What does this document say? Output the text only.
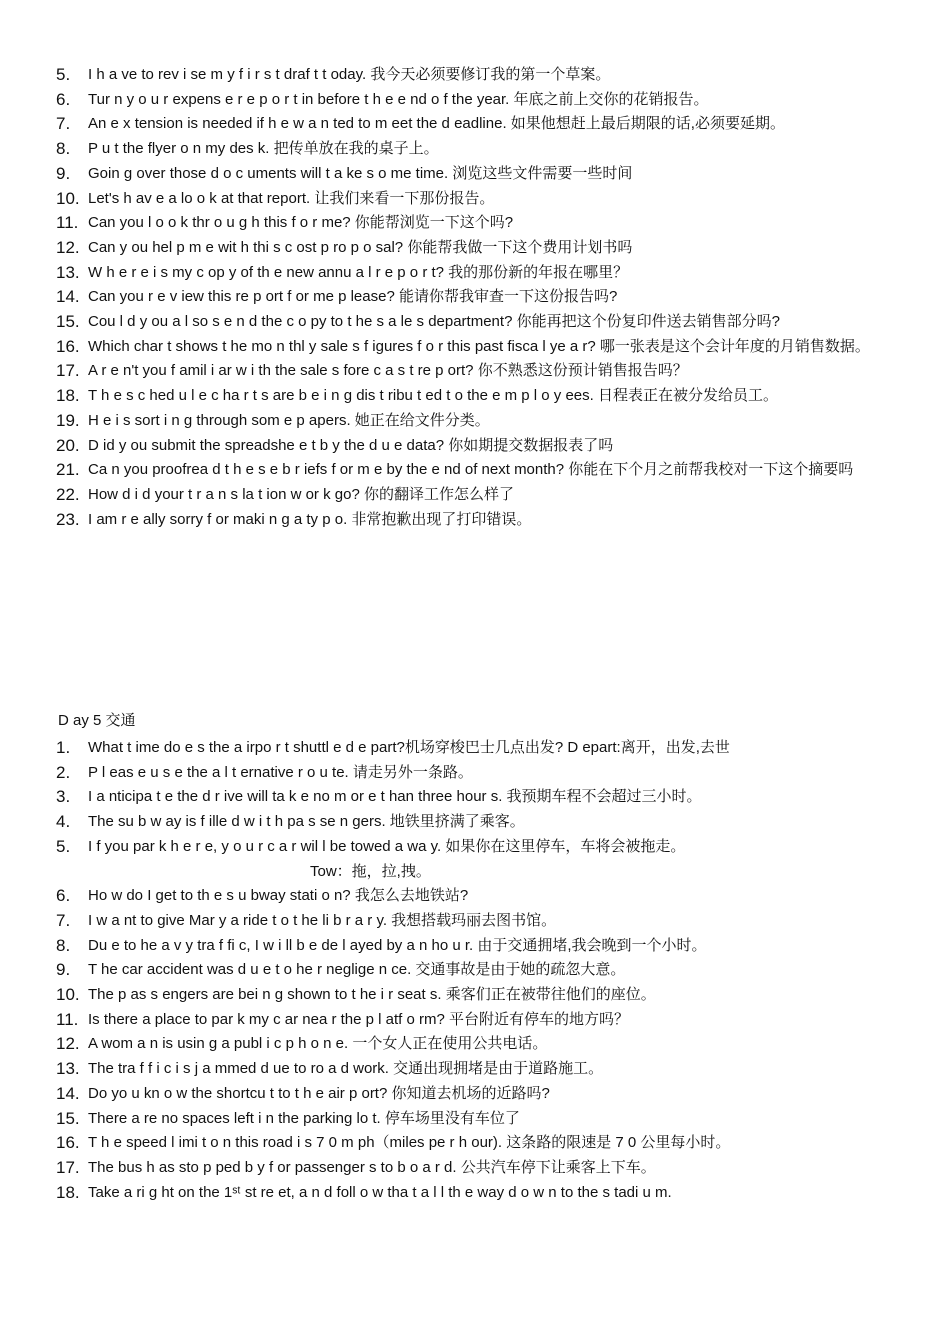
5. I h a ve to rev i se m y f i r s t draf t t oday. 我今天必须要修订我的第一个草案。
6. Tur n y o u r expens e r e p o r t in before t h e e nd o f the year. 年底之前上交你的花销报告。
7. An e x tension is needed if h e w a n ted to m eet the d eadline. 如果他想赶上最后期限的话,必须要延期。
8. P u t the flyer o n my des k. 把传单放在我的桌子上。
9. Goin g over those d o c uments will t a ke s o me time. 浏览这些文件需要一些时间
10. Let's h av e a lo o k at that report. 让我们来看一下那份报告。
11. Can you l o o k thr o u g h this f o r me? 你能帮浏览一下这个吗?
12. Can y ou hel p m e wit h thi s c ost p ro p o sal? 你能帮我做一下这个费用计划书吗
13. W h e r e i s my c op y of th e new annu a l r e p o r t? 我的那份新的年报在哪里？
14. Can you r e v iew this re p ort f or me p lease? 能请你帮我审查一下这份报告吗?
15. Cou l d y ou a l so s e n d the c o py to t he s a le s department? 你能再把这个份复印件送去销售部分吗?
16. Which char t shows t he mo n thl y sale s f igures f o r this past fisca l ye a r? 哪一张表是这个会计年度的月销售数据。
17. A r e n't you f amil i ar w i th the sale s fore c a s t re p ort? 你不熟悉这份预计销售报告吗？
18. T h e s c hed u l e c ha r t s are b e i n g dis t ribu t ed t o the e m p l o y ees. 日程表正在被分发给员工。
19. H e i s sort i n g through som e p apers. 她正在给文件分类。
20. D id y ou submit the spreadshe e t b y the d u e data? 你如期提交数据报表了吗
21. Ca n you proofrea d t h e s e b r iefs f or m e by the e nd of next month? 你能在下个月之前帮我校对一下这个摘要吗
22. How d i d your t r a n s la t ion w or k go? 你的翻译工作怎么样了
23. I am r e ally sorry f or maki n g a ty p o. 非常抱歉出现了打印错误。
D ay 5 交通
1. What t ime do e s the a irpo r t shuttl e d e part?机场穿梭巴士几点出发? D epart:离开，出发,去世
2. P l eas e u s e the a l t ernative r o u te. 请走另外一条路。
3. I a nticipa t e the d r ive will ta k e no m or e t han three hour s. 我预期车程不会超过三小时。
4. The su b w ay is f ille d w i t h pa s se n gers. 地铁里挤满了乘客。
5. I f you par k h e r e, y o u r c a r wil l be towed a wa y. 如果你在这里停车，车将会被拖走。
Tow：拖，拉,拽。
6. Ho w do I get to th e s u bway stati o n? 我怎么去地铁站?
7. I w a nt to give Mar y a ride t o t he li b r a r y. 我想搭载玛丽去图书馆。
8. Du e to he a v y tra f fi c, I w i ll b e de l ayed by a n ho u r. 由于交通拥堵,我会晚到一个小时。
9. T he car accident was d u e t o he r neglige n ce. 交通事故是由于她的疏忽大意。
10. The p as s engers are bei n g shown to t he i r seat s. 乘客们正在被带往他们的座位。
11. Is there a place to par k my c ar nea r the p l atf o rm? 平台附近有停车的地方吗？
12. A wom a n is usin g a publ i c p h o n e. 一个女人正在使用公共电话。
13. The tra f f i c i s j a mmed d ue to ro a d work. 交通出现拥堵是由于道路施工。
14. Do yo u kn o w the shortcu t to t h e air p ort? 你知道去机场的近路吗?
15. There a re no spaces left i n the parking lo t. 停车场里没有车位了
16. T h e speed l imi t o n this road i s 7 0 m ph（miles pe r h our). 这条路的限速是 7 0 公里每小时。
17. The bus h as sto p ped b y f or passenger s to b o a r d. 公共汽车停下让乘客上下车。
18. Take a ri g ht on the 1ˢᵗ st re et, a n d foll o w tha t a l l th e way d o w n to the s tadi u m.
